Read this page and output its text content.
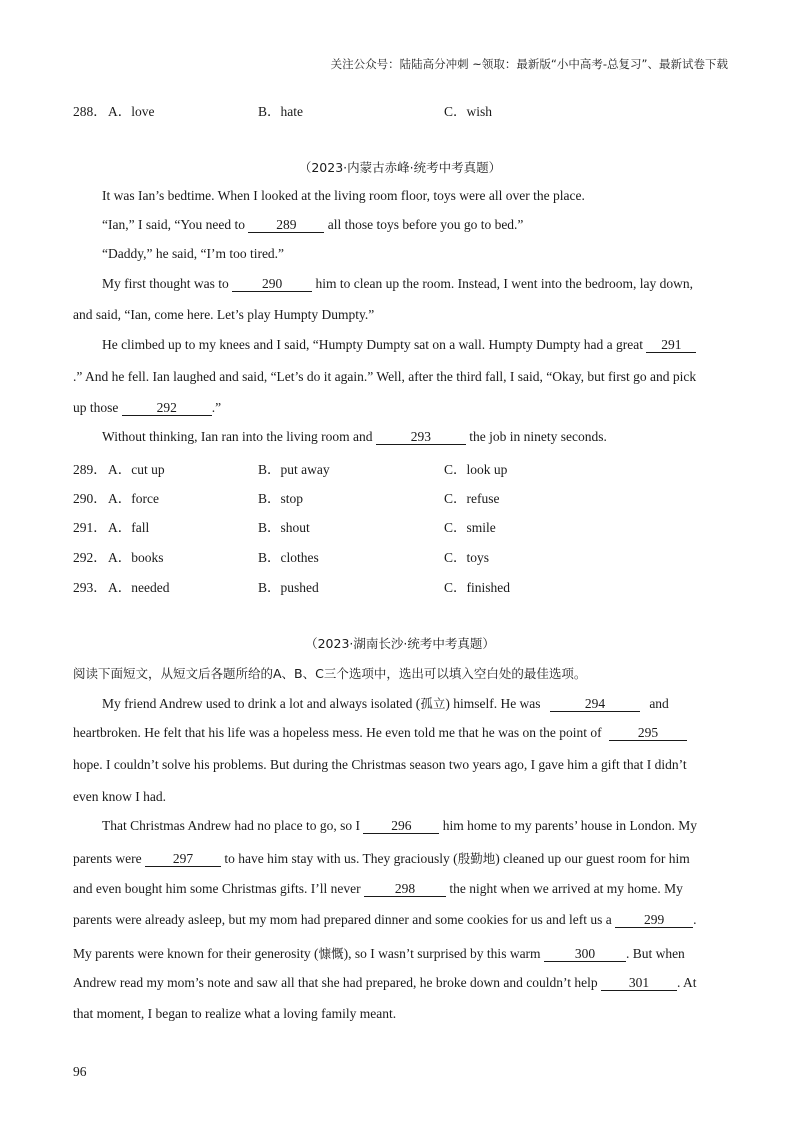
关注公众号：陆陆高分冲刺 ~领取：最新版“小中高考-总复习”、最新试卷下载
288． A．love	B．hate	C．wish
（2023·内蒙古赤峰·统考中考真题）
It was Ian’s bedtime. When I looked at the living room floor, toys were all over the place.
“Ian,” I said, “You need to 289 all those toys before you go to bed.”
“Daddy,” he said, “I’m too tired.”
My first thought was to 290 him to clean up the room. Instead, I went into the bedroom, lay down,
and said, “Ian, come here. Let’s play Humpty Dumpty.”
He climbed up to my knees and I said, “Humpty Dumpty sat on a wall. Humpty Dumpty had a great 291
.” And he fell. Ian laughed and said, “Let’s do it again.” Well, after the third fall, I said, “Okay, but first go and pick
up those	292	.”
Without thinking, Ian ran into the living room and	293	the job in ninety seconds.
289． A．cut up	B．put away	C．look up
290． A．force	B．stop	C．refuse
291． A．fall	B．shout	C．smile
292． A．books	B．clothes	C．toys
293． A．needed	B．pushed	C．finished
（2023·湖南长沙·统考中考真题）
阅读下面短文，从短文后各题所给的A、B、C三个选项中，选出可以填入空白处的最佳选项。
My friend Andrew used to drink a lot and always isolated (孤立) himself. He was	294	and
heartbroken. He felt that his life was a hopeless mess. He even told me that he was on the point of	295
hope. I couldn’t solve his problems. But during the Christmas season two years ago, I gave him a gift that I didn’t
even know I had.
That Christmas Andrew had no place to go, so I 296 him home to my parents’ house in London. My
parents were 297 to have him stay with us. They graciously (殷勤地) cleaned up our guest room for him
and even bought him some Christmas gifts. I’ll never	298	the night when we arrived at my home. My
parents were already asleep, but my mom had prepared dinner and some cookies for us and left us a 299 .
My parents were known for their generosity (慷慨), so I wasn’t surprised by this warm	300 . But when
Andrew read my mom’s note and saw all that she had prepared, he broke down and couldn’t help 301 . At
that moment, I began to realize what a loving family meant.
96
